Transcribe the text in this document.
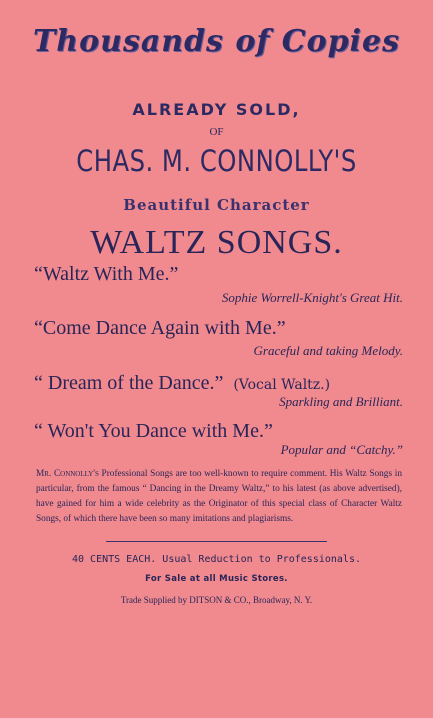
Thousands of Copies
ALREADY SOLD,
OF
CHAS. M. CONNOLLY'S
Beautiful Character
WALTZ SONGS.
“Waltz With Me.”
Sophie Worrell-Knight's Great Hit.
“Come Dance Again with Me.”
Graceful and taking Melody.
“ Dream of the Dance.” (Vocal Waltz.)
Sparkling and Brilliant.
“ Won't You Dance with Me.”
Popular and “Catchy.”
Mr. Connolly's Professional Songs are too well-known to require comment. His Waltz Songs in particular, from the famous “ Dancing in the Dreamy Waltz,” to his latest (as above advertised), have gained for him a wide celebrity as the Originator of this special class of Character Waltz Songs, of which there have been so many imitations and plagiarisms.
40 CENTS EACH. Usual Reduction to Professionals.
For Sale at all Music Stores.
Trade Supplied by DITSON & CO., Broadway, N. Y.
